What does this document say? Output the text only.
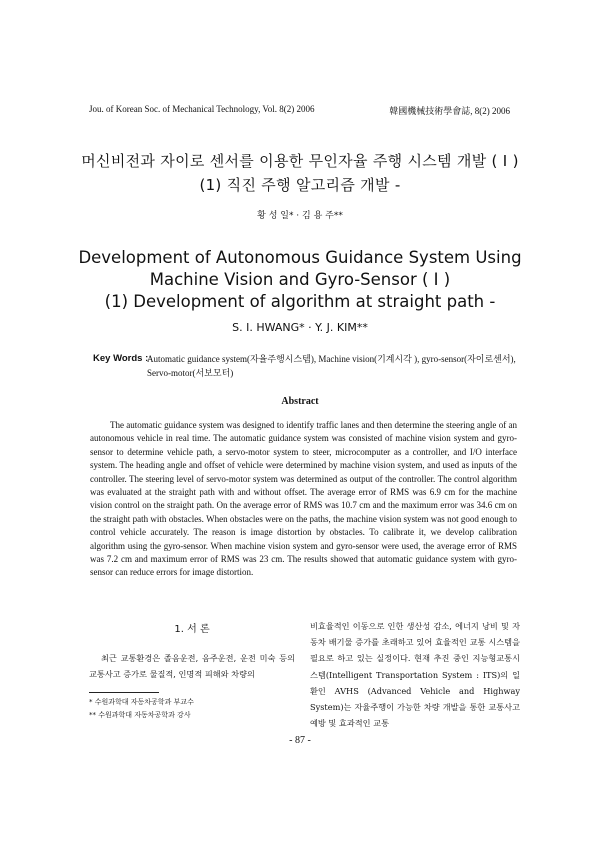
Jou. of Korean Soc. of Mechanical Technology, Vol. 8(2) 2006	韓國機械技術學會誌, 8(2) 2006
머신비전과 자이로 센서를 이용한 무인자율 주행 시스템 개발 ( Ⅰ )
(1) 직진 주행 알고리즘 개발 -
황 성 일* · 김 용 주**
Development of Autonomous Guidance System Using
Machine Vision and Gyro-Sensor ( I )
(1) Development of algorithm at straight path -
S. I. HWANG* · Y. J. KIM**
Key Words :
Automatic guidance system(자율주행시스템), Machine vision(기계시각 ), gyro-sensor(자이로센서), Servo-motor(서보모터)
Abstract

The automatic guidance system was designed to identify traffic lanes and then determine the steering angle of an autonomous vehicle in real time. The automatic guidance system was consisted of machine vision system and gyro-sensor to determine vehicle path, a servo-motor system to steer, microcomputer as a controller, and I/O interface system. The heading angle and offset of vehicle were determined by machine vision system, and used as inputs of the controller. The steering level of servo-motor system was determined as output of the controller. The control algorithm was evaluated at the straight path with and without offset. The average error of RMS was 6.9 cm for the machine vision control on the straight path. On the average error of RMS was 10.7 cm and the maximum error was 34.6 cm on the straight path with obstacles. When obstacles were on the paths, the machine vision system was not good enough to control vehicle accurately. The reason is image distortion by obstacles. To calibrate it, we develop calibration algorithm using the gyro-sensor. When machine vision system and gyro-sensor were used, the average error of RMS was 7.2 cm and maximum error of RMS was 23 cm. The results showed that automatic guidance system with gyro-sensor can reduce errors for image distortion.

1. 서 론
최근 교통환경은 졸음운전, 음주운전, 운전 미숙 등의 교통사고 증가로 물질적, 인명적 피해와 차량의
* 수원과학대 자동차공학과 부교수
** 수원과학대 자동차공학과 강사
비효율적인 이동으로 인한 생산성 감소, 에너지 낭비 및 자동차 배기물 증가를 초래하고 있어 효율적인 교통 시스템을 필요로 하고 있는 실정이다. 현재 추진 중인 지능형교통시스템(Intelligent Transportation System : ITS)의 일환인 AVHS (Advanced Vehicle and Highway System)는 자율주행이 가능한 차량 개발을 통한 교통사고 예방 및 효과적인 교통
- 87 -
